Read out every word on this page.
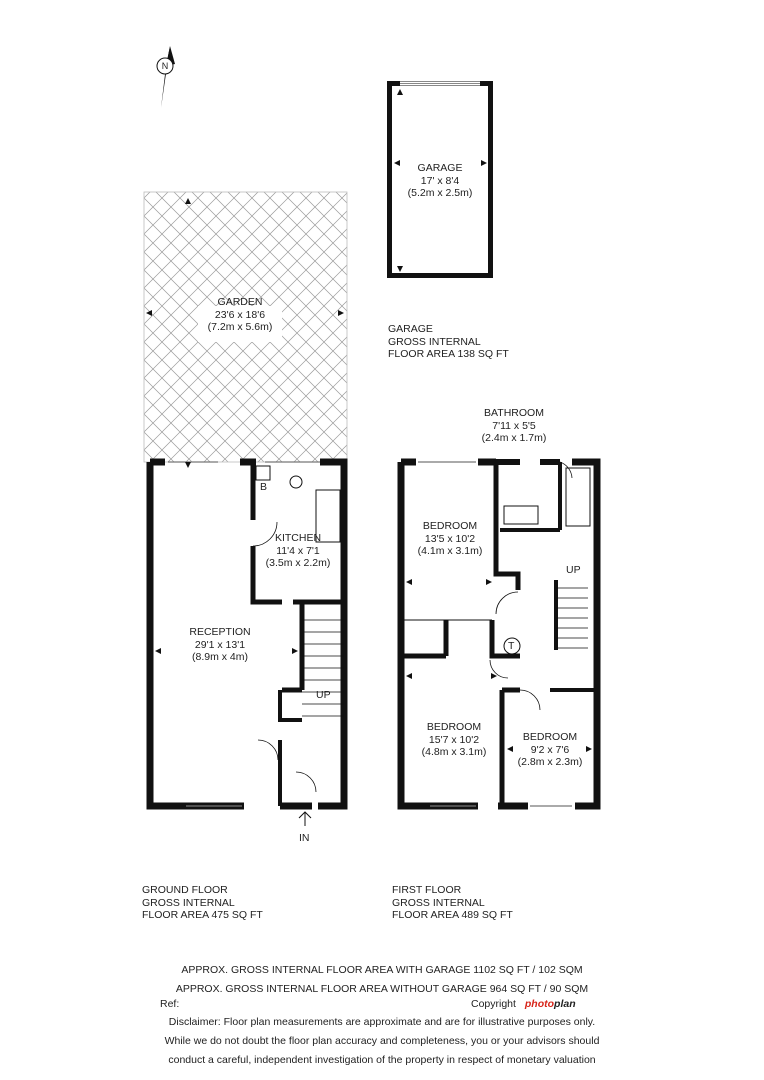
N
GARAGE
17' x 8'4
(5.2m x 2.5m)
GARAGE
GROSS INTERNAL
FLOOR AREA 138 SQ FT
GARDEN
23'6 x 18'6
(7.2m x 5.6m)
B
KITCHEN
11'4 x 7'1
(3.5m x 2.2m)
RECEPTION
29'1 x 13'1
(8.9m x 4m)
UP
IN
BATHROOM
7'11 x 5'5
(2.4m x 1.7m)
BEDROOM
13'5 x 10'2
(4.1m x 3.1m)
UP
T
BEDROOM
15'7 x 10'2
(4.8m x 3.1m)
BEDROOM
9'2 x 7'6
(2.8m x 2.3m)
GROUND FLOOR
GROSS INTERNAL
FLOOR AREA 475 SQ FT
FIRST FLOOR
GROSS INTERNAL
FLOOR AREA 489 SQ FT
APPROX. GROSS INTERNAL FLOOR AREA WITH GARAGE 1102 SQ FT / 102 SQM
APPROX. GROSS INTERNAL FLOOR AREA WITHOUT GARAGE 964 SQ FT / 90 SQM
Ref:	Copyright photoplan
Disclaimer: Floor plan measurements are approximate and are for illustrative purposes only.
While we do not doubt the floor plan accuracy and completeness, you or your advisors should
conduct a careful, independent investigation of the property in respect of monetary valuation
